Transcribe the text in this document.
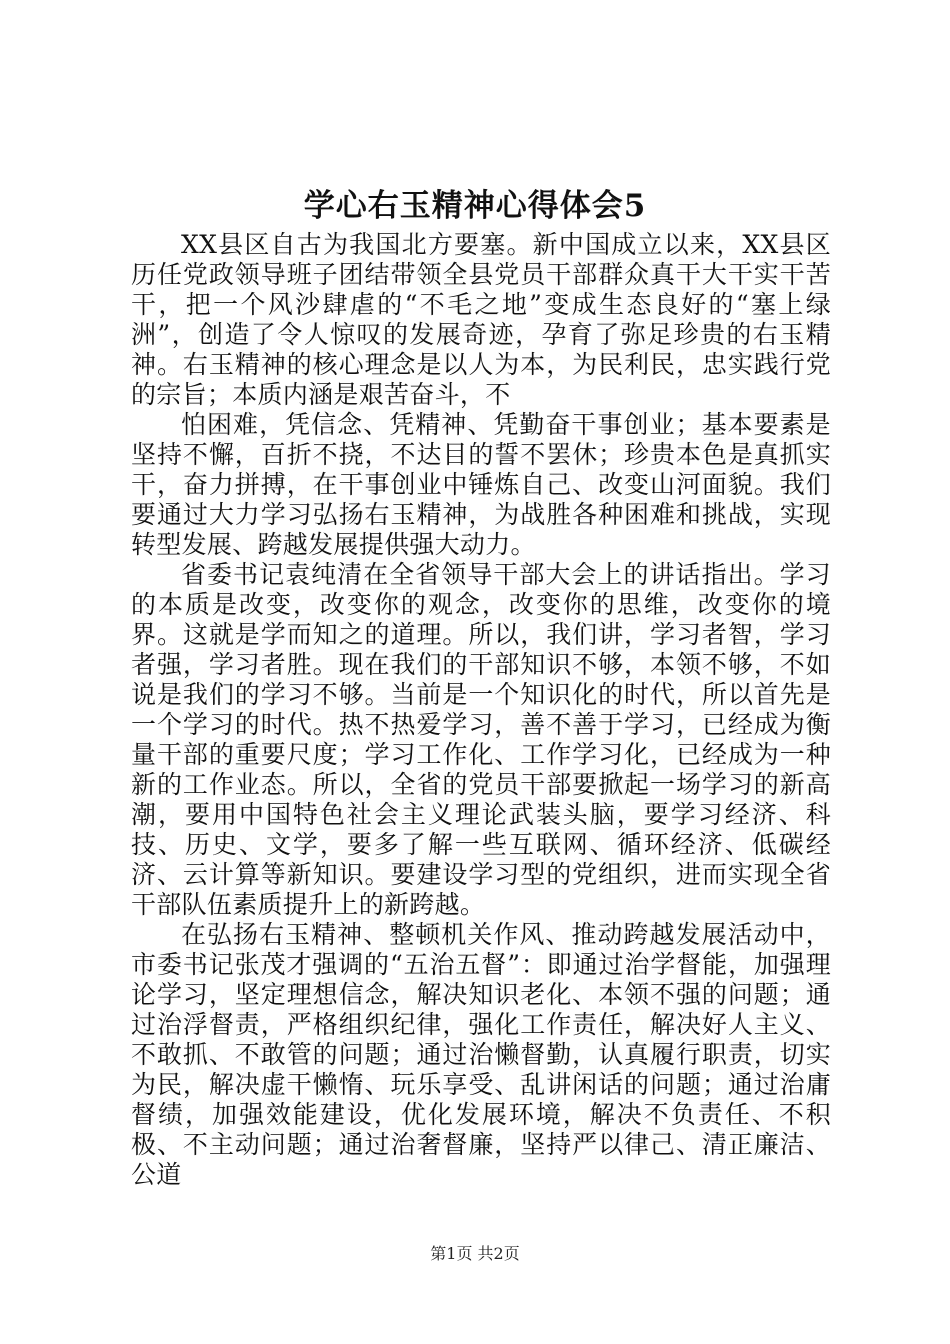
学心右玉精神心得体会5

XX县区自古为我国北方要塞。新中国成立以来，XX县区历任党政领导班子团结带领全县党员干部群众真干大干实干苦干，把一个风沙肆虐的“不毛之地”变成生态良好的“塞上绿洲”，创造了令人惊叹的发展奇迹，孕育了弥足珍贵的右玉精神。右玉精神的核心理念是以人为本，为民利民，忠实践行党的宗旨；本质内涵是艰苦奋斗，不

怕困难，凭信念、凭精神、凭勤奋干事创业；基本要素是坚持不懈，百折不挠，不达目的誓不罢休；珍贵本色是真抓实干，奋力拼搏，在干事创业中锤炼自己、改变山河面貌。我们要通过大力学习弘扬右玉精神，为战胜各种困难和挑战，实现转型发展、跨越发展提供强大动力。

省委书记袁纯清在全省领导干部大会上的讲话指出。学习的本质是改变，改变你的观念，改变你的思维，改变你的境界。这就是学而知之的道理。所以，我们讲，学习者智，学习者强，学习者胜。现在我们的干部知识不够，本领不够，不如说是我们的学习不够。当前是一个知识化的时代，所以首先是一个学习的时代。热不热爱学习，善不善于学习，已经成为衡量干部的重要尺度；学习工作化、工作学习化，已经成为一种新的工作业态。所以，全省的党员干部要掀起一场学习的新高潮，要用中国特色社会主义理论武装头脑，要学习经济、科技、历史、文学，要多了解一些互联网、循环经济、低碳经济、云计算等新知识。要建设学习型的党组织，进而实现全省干部队伍素质提升上的新跨越。

在弘扬右玉精神、整顿机关作风、推动跨越发展活动中，市委书记张茂才强调的“五治五督”：即通过治学督能，加强理论学习，坚定理想信念，解决知识老化、本领不强的问题；通过治浮督责，严格组织纪律，强化工作责任，解决好人主义、不敢抓、不敢管的问题；通过治懒督勤，认真履行职责，切实为民，解决虚干懒惰、玩乐享受、乱讲闲话的问题；通过治庸督绩，加强效能建设，优化发展环境，解决不负责任、不积极、不主动问题；通过治奢督廉，坚持严以律己、清正廉洁、公道

第1页 共2页
